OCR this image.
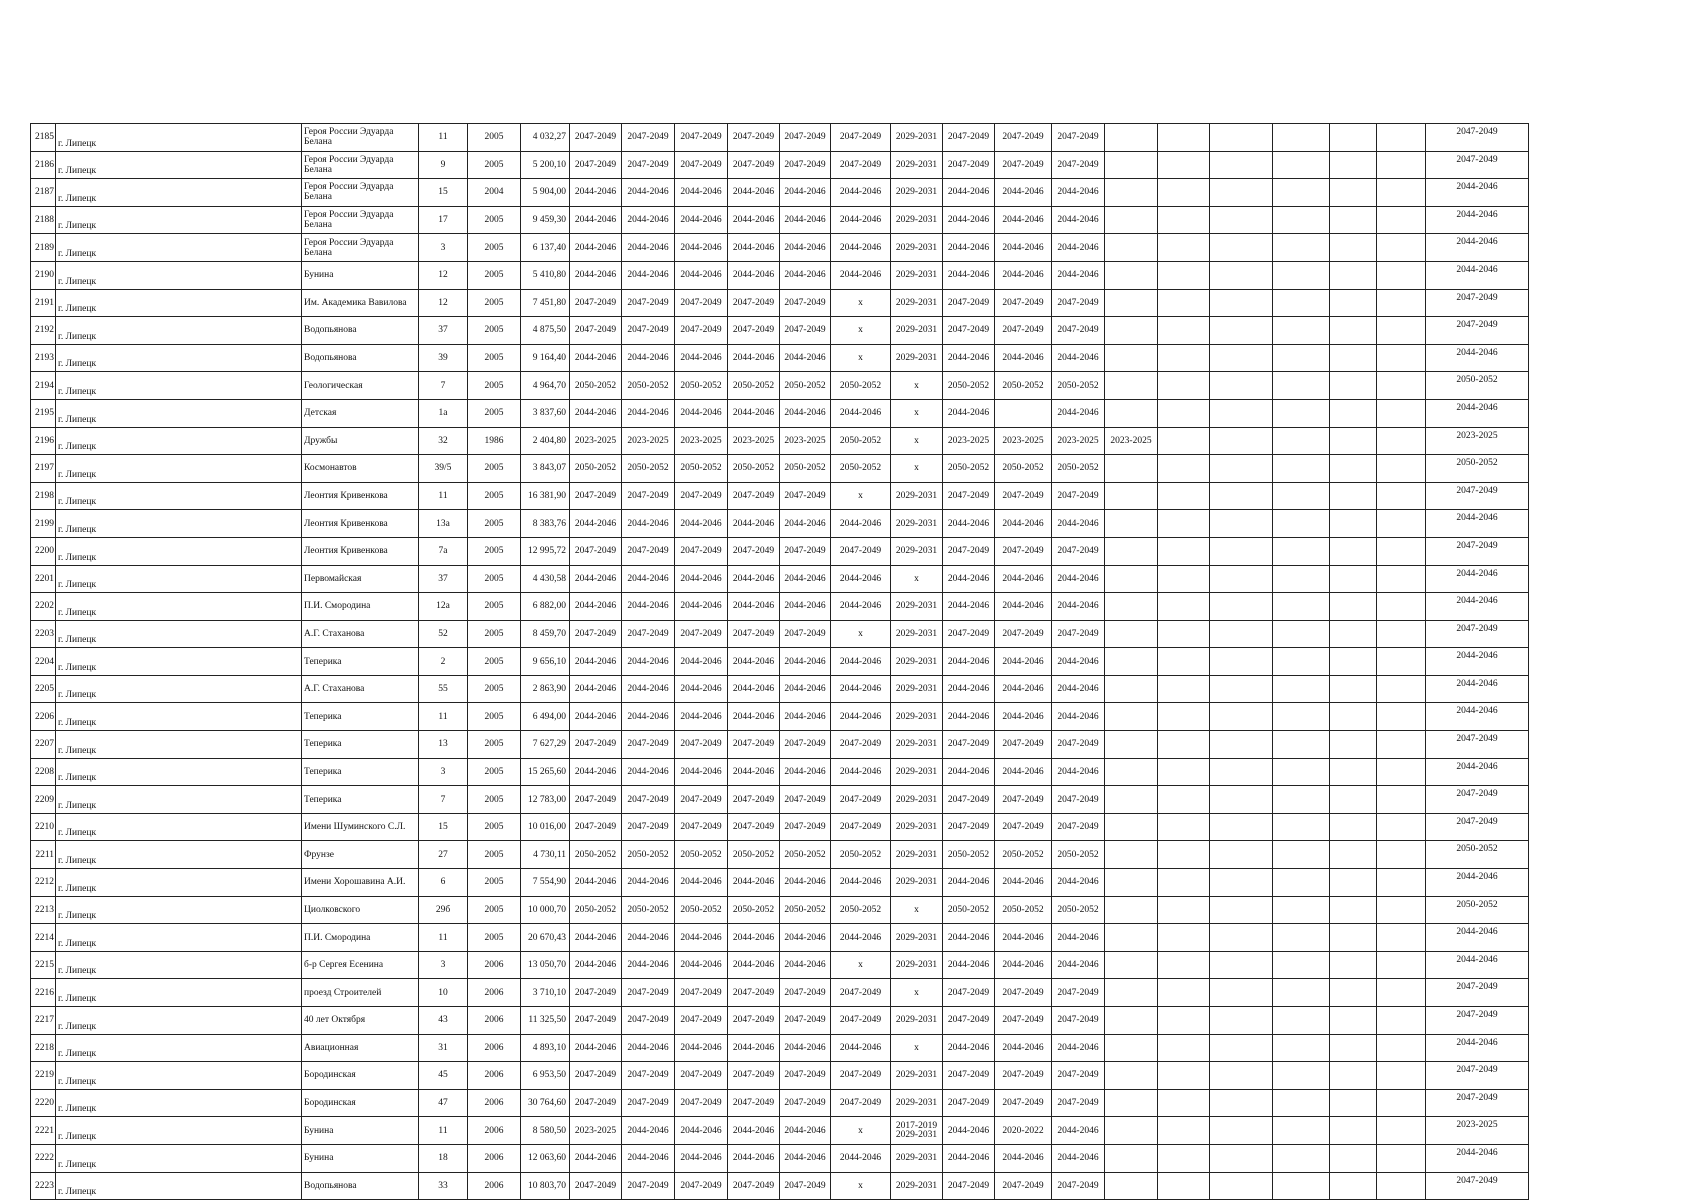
2185	г. Липецк	Героя России Эдуарда Белана	11	2005	4 032,27	2047-2049	2047-2049	2047-2049	2047-2049	2047-2049	2047-2049	2029-2031	2047-2049	2047-2049	2047-2049							2047-2049
2186	г. Липецк	Героя России Эдуарда Белана	9	2005	5 200,10	2047-2049	2047-2049	2047-2049	2047-2049	2047-2049	2047-2049	2029-2031	2047-2049	2047-2049	2047-2049							2047-2049
2187	г. Липецк	Героя России Эдуарда Белана	15	2004	5 904,00	2044-2046	2044-2046	2044-2046	2044-2046	2044-2046	2044-2046	2029-2031	2044-2046	2044-2046	2044-2046							2044-2046
2188	г. Липецк	Героя России Эдуарда Белана	17	2005	9 459,30	2044-2046	2044-2046	2044-2046	2044-2046	2044-2046	2044-2046	2029-2031	2044-2046	2044-2046	2044-2046							2044-2046
2189	г. Липецк	Героя России Эдуарда Белана	3	2005	6 137,40	2044-2046	2044-2046	2044-2046	2044-2046	2044-2046	2044-2046	2029-2031	2044-2046	2044-2046	2044-2046							2044-2046
2190	г. Липецк	Бунина	12	2005	5 410,80	2044-2046	2044-2046	2044-2046	2044-2046	2044-2046	2044-2046	2029-2031	2044-2046	2044-2046	2044-2046							2044-2046
2191	г. Липецк	Им. Академика Вавилова	12	2005	7 451,80	2047-2049	2047-2049	2047-2049	2047-2049	2047-2049	х	2029-2031	2047-2049	2047-2049	2047-2049							2047-2049
2192	г. Липецк	Водопьянова	37	2005	4 875,50	2047-2049	2047-2049	2047-2049	2047-2049	2047-2049	х	2029-2031	2047-2049	2047-2049	2047-2049							2047-2049
2193	г. Липецк	Водопьянова	39	2005	9 164,40	2044-2046	2044-2046	2044-2046	2044-2046	2044-2046	х	2029-2031	2044-2046	2044-2046	2044-2046							2044-2046
2194	г. Липецк	Геологическая	7	2005	4 964,70	2050-2052	2050-2052	2050-2052	2050-2052	2050-2052	2050-2052	х	2050-2052	2050-2052	2050-2052							2050-2052
2195	г. Липецк	Детская	1а	2005	3 837,60	2044-2046	2044-2046	2044-2046	2044-2046	2044-2046	2044-2046	х	2044-2046		2044-2046							2044-2046
2196	г. Липецк	Дружбы	32	1986	2 404,80	2023-2025	2023-2025	2023-2025	2023-2025	2023-2025	2050-2052	х	2023-2025	2023-2025	2023-2025	2023-2025						2023-2025
2197	г. Липецк	Космонавтов	39/5	2005	3 843,07	2050-2052	2050-2052	2050-2052	2050-2052	2050-2052	2050-2052	х	2050-2052	2050-2052	2050-2052							2050-2052
2198	г. Липецк	Леонтия Кривенкова	11	2005	16 381,90	2047-2049	2047-2049	2047-2049	2047-2049	2047-2049	х	2029-2031	2047-2049	2047-2049	2047-2049							2047-2049
2199	г. Липецк	Леонтия Кривенкова	13а	2005	8 383,76	2044-2046	2044-2046	2044-2046	2044-2046	2044-2046	2044-2046	2029-2031	2044-2046	2044-2046	2044-2046							2044-2046
2200	г. Липецк	Леонтия Кривенкова	7а	2005	12 995,72	2047-2049	2047-2049	2047-2049	2047-2049	2047-2049	2047-2049	2029-2031	2047-2049	2047-2049	2047-2049							2047-2049
2201	г. Липецк	Первомайская	37	2005	4 430,58	2044-2046	2044-2046	2044-2046	2044-2046	2044-2046	2044-2046	х	2044-2046	2044-2046	2044-2046							2044-2046
2202	г. Липецк	П.И. Смородина	12а	2005	6 882,00	2044-2046	2044-2046	2044-2046	2044-2046	2044-2046	2044-2046	2029-2031	2044-2046	2044-2046	2044-2046							2044-2046
2203	г. Липецк	А.Г. Стаханова	52	2005	8 459,70	2047-2049	2047-2049	2047-2049	2047-2049	2047-2049	х	2029-2031	2047-2049	2047-2049	2047-2049							2047-2049
2204	г. Липецк	Теперика	2	2005	9 656,10	2044-2046	2044-2046	2044-2046	2044-2046	2044-2046	2044-2046	2029-2031	2044-2046	2044-2046	2044-2046							2044-2046
2205	г. Липецк	А.Г. Стаханова	55	2005	2 863,90	2044-2046	2044-2046	2044-2046	2044-2046	2044-2046	2044-2046	2029-2031	2044-2046	2044-2046	2044-2046							2044-2046
2206	г. Липецк	Теперика	11	2005	6 494,00	2044-2046	2044-2046	2044-2046	2044-2046	2044-2046	2044-2046	2029-2031	2044-2046	2044-2046	2044-2046							2044-2046
2207	г. Липецк	Теперика	13	2005	7 627,29	2047-2049	2047-2049	2047-2049	2047-2049	2047-2049	2047-2049	2029-2031	2047-2049	2047-2049	2047-2049							2047-2049
2208	г. Липецк	Теперика	3	2005	15 265,60	2044-2046	2044-2046	2044-2046	2044-2046	2044-2046	2044-2046	2029-2031	2044-2046	2044-2046	2044-2046							2044-2046
2209	г. Липецк	Теперика	7	2005	12 783,00	2047-2049	2047-2049	2047-2049	2047-2049	2047-2049	2047-2049	2029-2031	2047-2049	2047-2049	2047-2049							2047-2049
2210	г. Липецк	Имени Шуминского С.Л.	15	2005	10 016,00	2047-2049	2047-2049	2047-2049	2047-2049	2047-2049	2047-2049	2029-2031	2047-2049	2047-2049	2047-2049							2047-2049
2211	г. Липецк	Фрунзе	27	2005	4 730,11	2050-2052	2050-2052	2050-2052	2050-2052	2050-2052	2050-2052	2029-2031	2050-2052	2050-2052	2050-2052							2050-2052
2212	г. Липецк	Имени Хорошавина А.И.	6	2005	7 554,90	2044-2046	2044-2046	2044-2046	2044-2046	2044-2046	2044-2046	2029-2031	2044-2046	2044-2046	2044-2046							2044-2046
2213	г. Липецк	Циолковского	29б	2005	10 000,70	2050-2052	2050-2052	2050-2052	2050-2052	2050-2052	2050-2052	х	2050-2052	2050-2052	2050-2052							2050-2052
2214	г. Липецк	П.И. Смородина	11	2005	20 670,43	2044-2046	2044-2046	2044-2046	2044-2046	2044-2046	2044-2046	2029-2031	2044-2046	2044-2046	2044-2046							2044-2046
2215	г. Липецк	б-р Сергея Есенина	3	2006	13 050,70	2044-2046	2044-2046	2044-2046	2044-2046	2044-2046	х	2029-2031	2044-2046	2044-2046	2044-2046							2044-2046
2216	г. Липецк	проезд Строителей	10	2006	3 710,10	2047-2049	2047-2049	2047-2049	2047-2049	2047-2049	2047-2049	х	2047-2049	2047-2049	2047-2049							2047-2049
2217	г. Липецк	40 лет Октября	43	2006	11 325,50	2047-2049	2047-2049	2047-2049	2047-2049	2047-2049	2047-2049	2029-2031	2047-2049	2047-2049	2047-2049							2047-2049
2218	г. Липецк	Авиационная	31	2006	4 893,10	2044-2046	2044-2046	2044-2046	2044-2046	2044-2046	2044-2046	х	2044-2046	2044-2046	2044-2046							2044-2046
2219	г. Липецк	Бородинская	45	2006	6 953,50	2047-2049	2047-2049	2047-2049	2047-2049	2047-2049	2047-2049	2029-2031	2047-2049	2047-2049	2047-2049							2047-2049
2220	г. Липецк	Бородинская	47	2006	30 764,60	2047-2049	2047-2049	2047-2049	2047-2049	2047-2049	2047-2049	2029-2031	2047-2049	2047-2049	2047-2049							2047-2049
2221	г. Липецк	Бунина	11	2006	8 580,50	2023-2025	2044-2046	2044-2046	2044-2046	2044-2046	х	2017-2019 2029-2031	2044-2046	2020-2022	2044-2046							2023-2025
2222	г. Липецк	Бунина	18	2006	12 063,60	2044-2046	2044-2046	2044-2046	2044-2046	2044-2046	2044-2046	2029-2031	2044-2046	2044-2046	2044-2046							2044-2046
2223	г. Липецк	Водопьянова	33	2006	10 803,70	2047-2049	2047-2049	2047-2049	2047-2049	2047-2049	х	2029-2031	2047-2049	2047-2049	2047-2049							2047-2049
